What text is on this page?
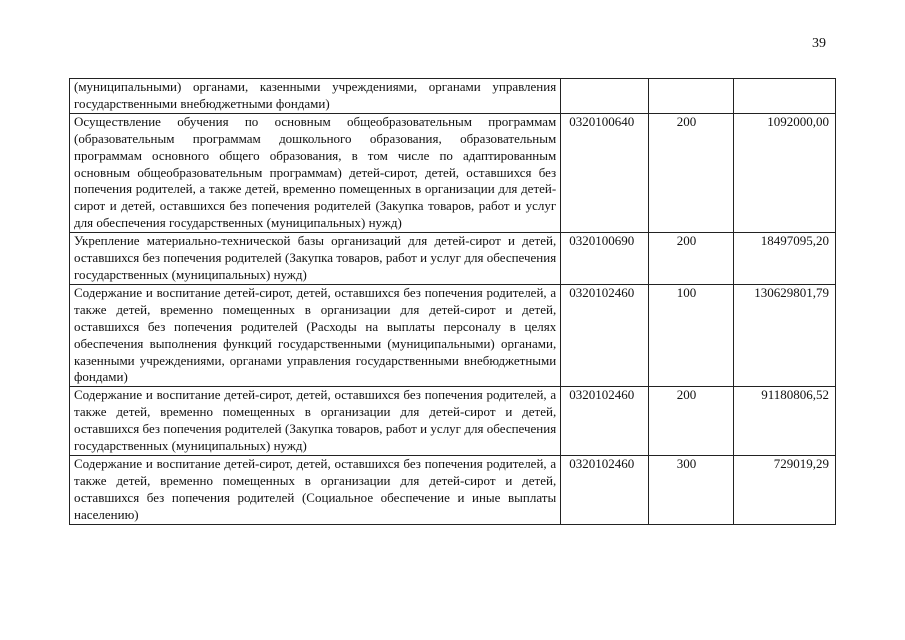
39
(муниципальными) органами, казенными учреждениями, органами управления государственными внебюджетными фондами)			
Осуществление обучения по основным общеобразовательным программам (образовательным программам дошкольного образования, образовательным программам основного общего образования, в том числе по адаптированным основным общеобразовательным программам) детей-сирот, детей, оставшихся без попечения родителей, а также детей, временно помещенных в организации для детей-сирот и детей, оставшихся без попечения родителей (Закупка товаров, работ и услуг для обеспечения государственных (муниципальных) нужд)	0320100640	200	1092000,00
Укрепление материально-технической базы организаций для детей-сирот и детей, оставшихся без попечения родителей (Закупка товаров, работ и услуг для обеспечения государственных (муниципальных) нужд)	0320100690	200	18497095,20
Содержание и воспитание детей-сирот, детей, оставшихся без попечения родителей, а также детей, временно помещенных в организации для детей-сирот и детей, оставшихся без попечения родителей (Расходы на выплаты персоналу в целях обеспечения выполнения функций государственными (муниципальными) органами, казенными учреждениями, органами управления государственными внебюджетными фондами)	0320102460	100	130629801,79
Содержание и воспитание детей-сирот, детей, оставшихся без попечения родителей, а также детей, временно помещенных в организации для детей-сирот и детей, оставшихся без попечения родителей (Закупка товаров, работ и услуг для обеспечения государственных (муниципальных) нужд)	0320102460	200	91180806,52
Содержание и воспитание детей-сирот, детей, оставшихся без попечения родителей, а также детей, временно помещенных в организации для детей-сирот и детей, оставшихся без попечения родителей (Социальное обеспечение и иные выплаты населению)	0320102460	300	729019,29
